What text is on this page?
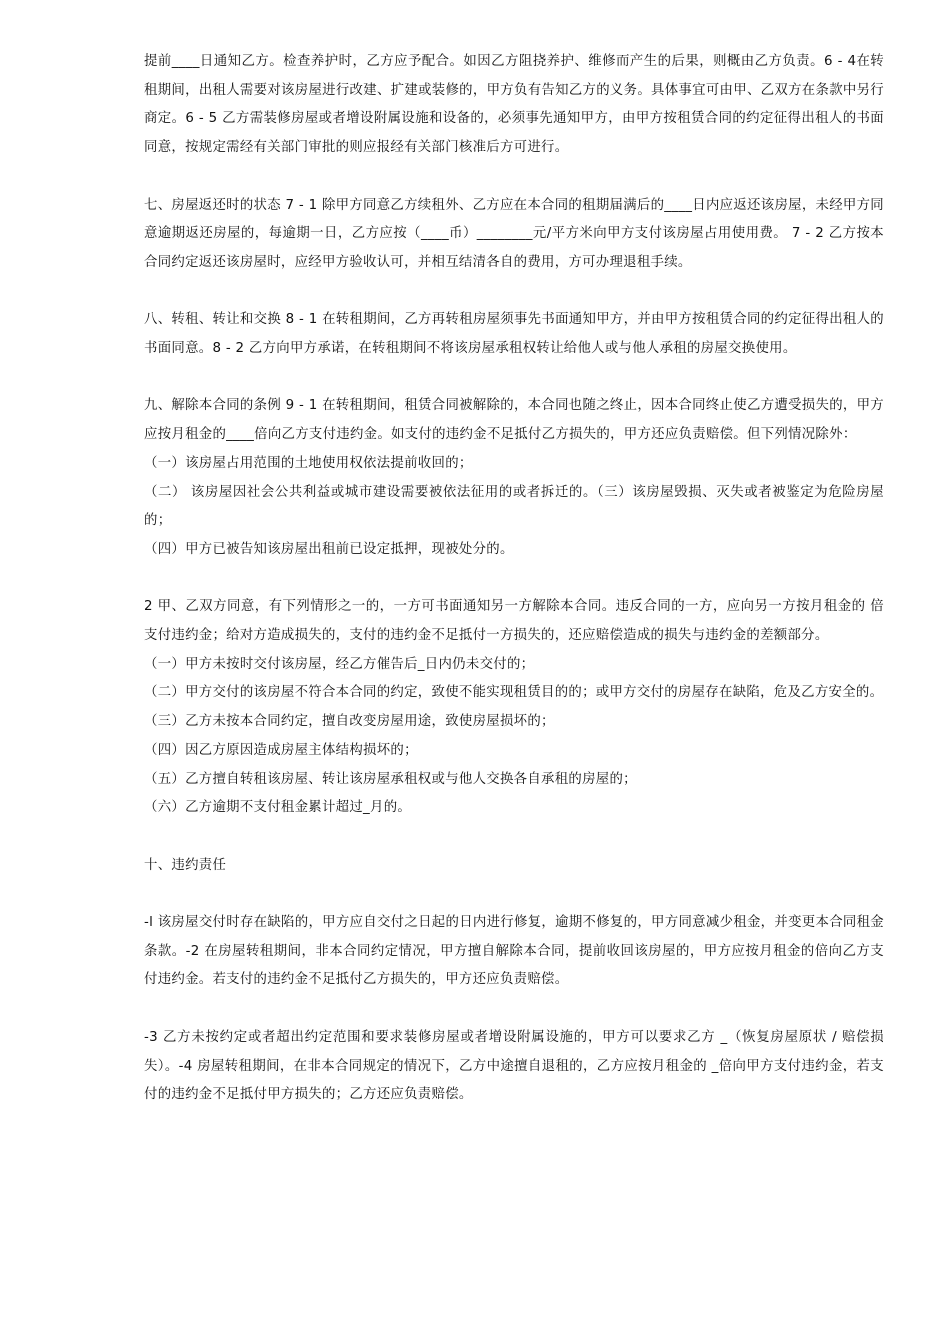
提前____日通知乙方。检查养护时，乙方应予配合。如因乙方阻挠养护、维修而产生的后果，则概由乙方负责。6 - 4在转租期间，出租人需要对该房屋进行改建、扩建或装修的，甲方负有告知乙方的义务。具体事宜可由甲、乙双方在条款中另行商定。6 - 5 乙方需装修房屋或者增设附属设施和设备的，必须事先通知甲方，由甲方按租赁合同的约定征得出租人的书面同意，按规定需经有关部门审批的则应报经有关部门核准后方可进行。
七、房屋返还时的状态 7 - 1 除甲方同意乙方续租外、乙方应在本合同的租期届满后的____日内应返还该房屋，未经甲方同意逾期返还房屋的，每逾期一日，乙方应按（____币）________元/平方米向甲方支付该房屋占用使用费。 7 - 2 乙方按本合同约定返还该房屋时，应经甲方验收认可，并相互结清各自的费用，方可办理退租手续。
八、转租、转让和交换 8 - 1 在转租期间，乙方再转租房屋须事先书面通知甲方，并由甲方按租赁合同的约定征得出租人的书面同意。8 - 2 乙方向甲方承诺，在转租期间不将该房屋承租权转让给他人或与他人承租的房屋交换使用。
九、解除本合同的条例 9 - 1 在转租期间，租赁合同被解除的，本合同也随之终止，因本合同终止使乙方遭受损失的，甲方应按月租金的____倍向乙方支付违约金。如支付的违约金不足抵付乙方损失的，甲方还应负责赔偿。但下列情况除外：
（一）该房屋占用范围的土地使用权依法提前收回的；
（二） 该房屋因社会公共利益或城市建设需要被依法征用的或者拆迁的。（三）该房屋毁损、灭失或者被鉴定为危险房屋的；
（四）甲方已被告知该房屋出租前已设定抵押，现被处分的。
2 甲、乙双方同意，有下列情形之一的，一方可书面通知另一方解除本合同。违反合同的一方，应向另一方按月租金的 倍支付违约金；给对方造成损失的，支付的违约金不足抵付一方损失的，还应赔偿造成的损失与违约金的差额部分。
（一）甲方未按时交付该房屋，经乙方催告后_日内仍未交付的；
（二）甲方交付的该房屋不符合本合同的约定，致使不能实现租赁目的的；或甲方交付的房屋存在缺陷，危及乙方安全的。
（三）乙方未按本合同约定，擅自改变房屋用途，致使房屋损坏的；
（四）因乙方原因造成房屋主体结构损坏的；
（五）乙方擅自转租该房屋、转让该房屋承租权或与他人交换各自承租的房屋的；
（六）乙方逾期不支付租金累计超过_月的。
十、违约责任
-l 该房屋交付时存在缺陷的，甲方应自交付之日起的日内进行修复，逾期不修复的，甲方同意减少租金，并变更本合同租金条款。-2 在房屋转租期间，非本合同约定情况，甲方擅自解除本合同，提前收回该房屋的，甲方应按月租金的倍向乙方支付违约金。若支付的违约金不足抵付乙方损失的，甲方还应负责赔偿。
-3 乙方未按约定或者超出约定范围和要求装修房屋或者增设附属设施的，甲方可以要求乙方 _（恢复房屋原状 / 赔偿损失）。-4 房屋转租期间，在非本合同规定的情况下，乙方中途擅自退租的，乙方应按月租金的 _倍向甲方支付违约金，若支付的违约金不足抵付甲方损失的；乙方还应负责赔偿。
